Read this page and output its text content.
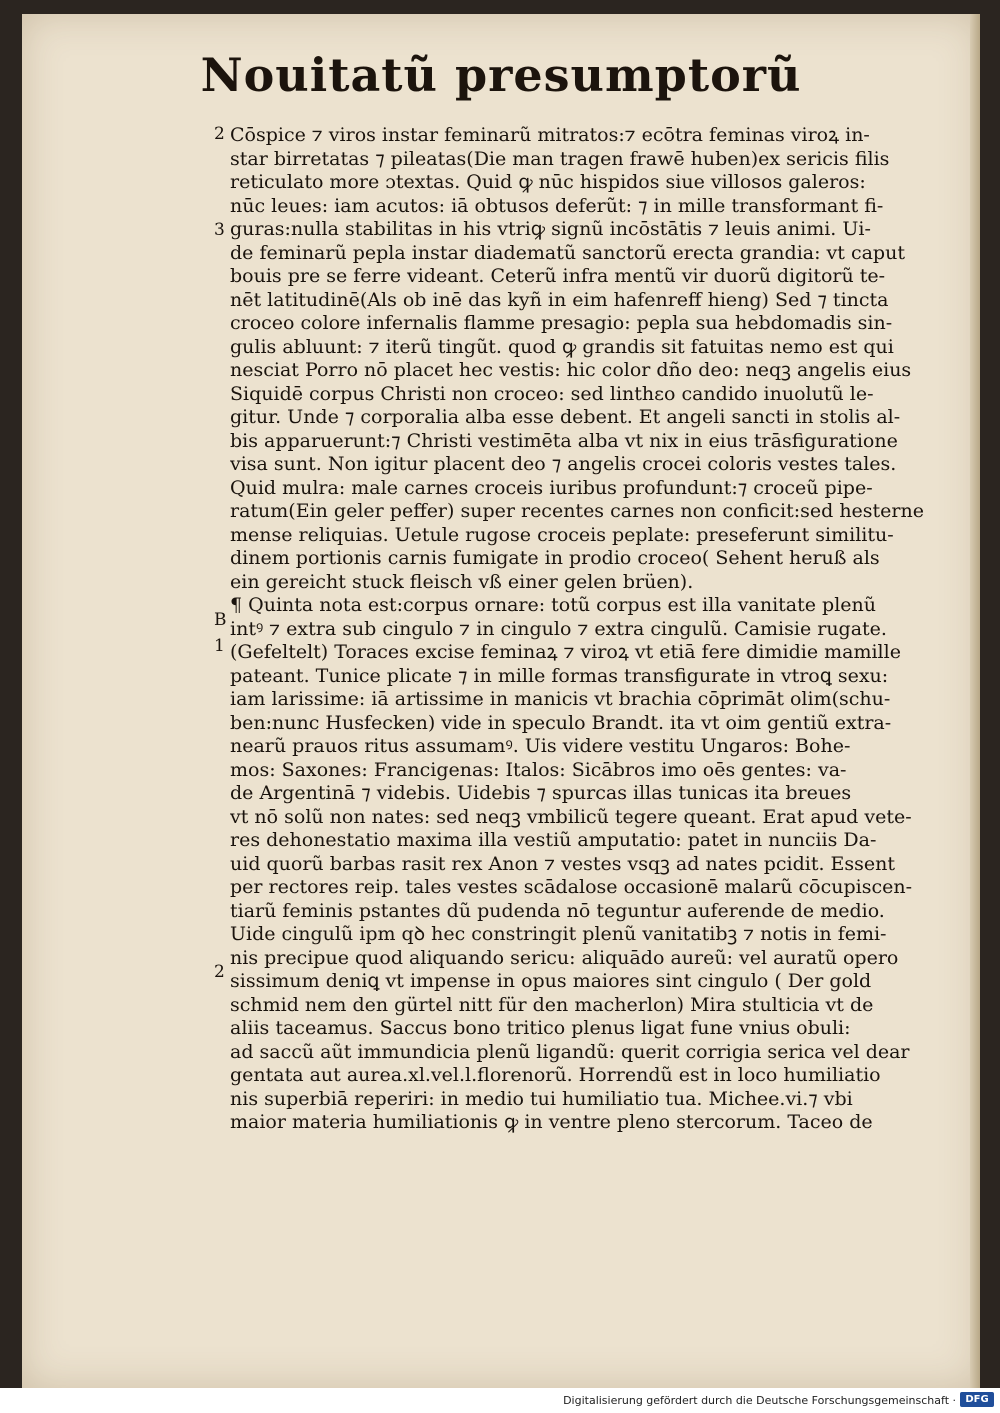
Nouitatũ presumptorũ
2
3
B
1
2
Cōspice ⁊ viros instar feminarũ mitratos:⁊ ecōtra feminas viroꝝ in-
star birretatas ⁊ pileatas(Die man tragen frawē huben)ex sericis filis
reticulato more ɔtextas. Quid ꝙ nūc hispidos siue villosos galeros:
nūc leues: iam acutos: iā obtusos deferũt: ⁊ in mille transformant fi-
guras:nulla stabilitas in his vtriꝙ signũ incōstātis ⁊ leuis animi. Ui-
de feminarũ pepla instar diadematũ sanctorũ erecta grandia: vt caput
bouis pre se ferre videant. Ceterũ infra mentũ vir duorũ digitorũ te-
nēt latitudinē(Als ob inē das kyñ in eim hafenreff hieng) Sed ⁊ tincta
croceo colore infernalis flamme presagio: pepla sua hebdomadis sin-
gulis abluunt: ⁊ iterũ tingũt. quod ꝙ grandis sit fatuitas nemo est qui
nesciat Porro nō placet hec vestis: hic color dño deo: neqꝫ angelis eius
Siquidē corpus Christi non croceo: sed linthεo candido inuolutũ le-
gitur. Unde ⁊ corporalia alba esse debent. Et angeli sancti in stolis al-
bis apparuerunt:⁊ Christi vestimēta alba vt nix in eius trāsfiguratione
visa sunt. Non igitur placent deo ⁊ angelis crocei coloris vestes tales.
Quid mulra: male carnes croceis iuribus profundunt:⁊ croceũ pipe-
ratum(Ein geler peffer) super recentes carnes non conficit:sed hesterne
mense reliquias. Uetule rugose croceis peplate: preseferunt similitu-
dinem portionis carnis fumigate in prodio croceo( Sehent heruß als
ein gereicht stuck fleisch vß einer gelen brüen).
¶ Quinta nota est:corpus ornare: totũ corpus est illa vanitate plenũ
intꝰ ⁊ extra sub cingulo ⁊ in cingulo ⁊ extra cingulũ. Camisie rugate.
(Gefeltelt) Toraces excise feminaꝝ ⁊ viroꝝ vt etiā fere dimidie mamille
pateant. Tunice plicate ⁊ in mille formas transfigurate in vtroꝗ sexu:
iam larissime: iā artissime in manicis vt brachia cōprimāt olim(schu-
ben:nunc Husfecken) vide in speculo Brandt. ita vt oim gentiũ extra-
nearũ prauos ritus assumamꝰ. Uis videre vestitu Ungaros: Bohe-
mos: Saxones: Francigenas: Italos: Sicābros imo oēs gentes: va-
de Argentinā ⁊ videbis. Uidebis ⁊ spurcas illas tunicas ita breues
vt nō solũ non nates: sed neqꝫ vmbilicũ tegere queant. Erat apud vete-
res dehonestatio maxima illa vestiũ amputatio: patet in nunciis Da-
uid quorũ barbas rasit rex Anon ⁊ vestes vsqꝫ ad nates pcidit. Essent
per rectores reip. tales vestes scādalose occasionē malarũ cōcupiscen-
tiarũ feminis pstantes dũ pudenda nō teguntur auferende de medio.
Uide cingulũ ipm qꝺ hec constringit plenũ vanitatibꝫ ⁊ notis in femi-
nis precipue quod aliquando sericu: aliquādo aureũ: vel auratũ opero
sissimum deniꝗ vt impense in opus maiores sint cingulo ( Der gold
schmid nem den gürtel nitt für den macherlon) Mira stulticia vt de
aliis taceamus. Saccus bono tritico plenus ligat fune vnius obuli:
ad saccũ aũt immundicia plenũ ligandũ: querit corrigia serica vel dear
gentata aut aurea.xl.vel.l.florenorũ. Horrendũ est in loco humiliatio
nis superbiā reperiri: in medio tui humiliatio tua. Michee.vi.⁊ vbi
maior materia humiliationis ꝙ in ventre pleno stercorum. Taceo de
Digitalisierung gefördert durch die Deutsche Forschungsgemeinschaft · DFG
